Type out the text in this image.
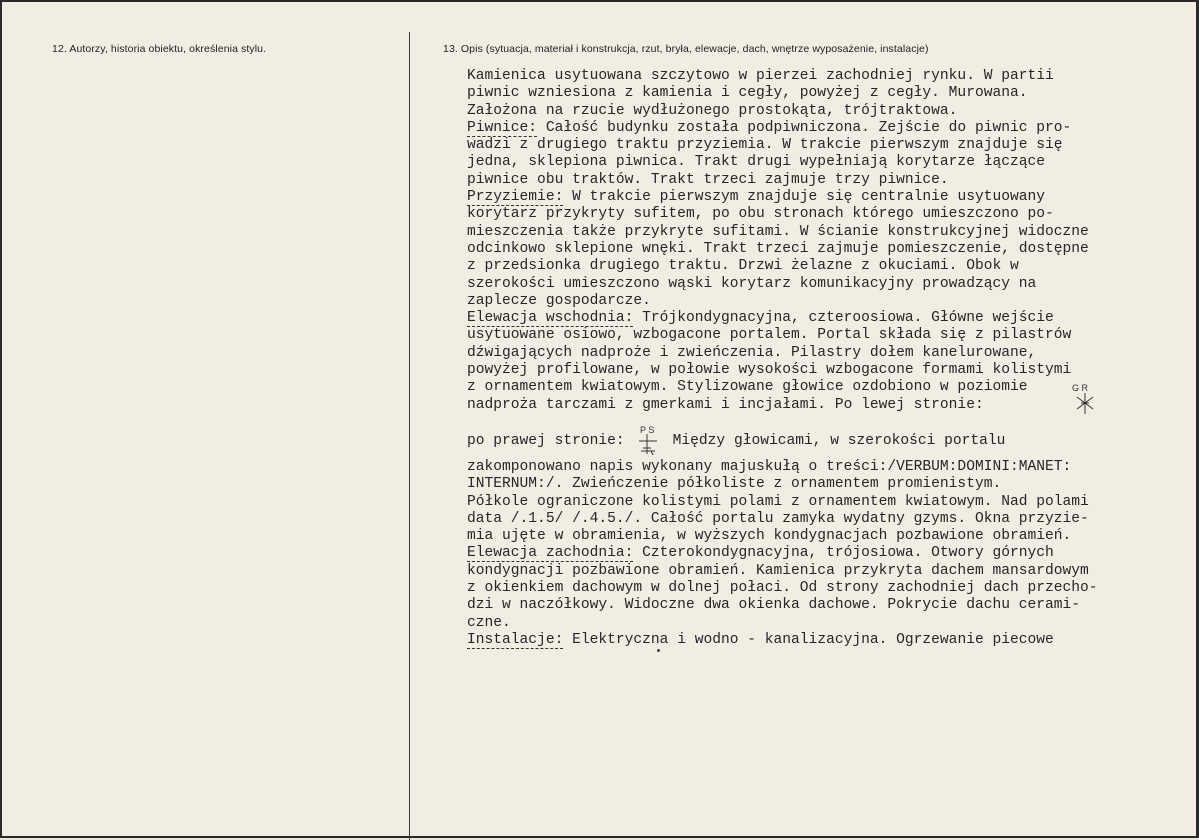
12. Autorzy, historia obiektu, określenia stylu.	13. Opis (sytuacja, materiał i konstrukcja, rzut, bryła, elewacje, dach, wnętrze wyposażenie, instalacje)
Kamienica usytuowana szczytowo w pierzei zachodniej rynku. W partii
piwnic wzniesiona z kamienia i cegły, powyżej z cegły. Murowana.
Założona na rzucie wydłużonego prostokąta, trójtraktowa.
Piwnice: Całość budynku została podpiwniczona. Zejście do piwnic pro-
wadzi z drugiego traktu przyziemia. W trakcie pierwszym znajduje się
jedna, sklepiona piwnica. Trakt drugi wypełniają korytarze łączące
piwnice obu traktów. Trakt trzeci zajmuje trzy piwnice.
Przyziemie: W trakcie pierwszym znajduje się centralnie usytuowany
korytarz przykryty sufitem, po obu stronach którego umieszczono po-
mieszczenia także przykryte sufitami. W ścianie konstrukcyjnej widoczne
odcinkowo sklepione wnęki. Trakt trzeci zajmuje pomieszczenie, dostępne
z przedsionka drugiego traktu. Drzwi żelazne z okuciami. Obok w
szerokości umieszczono wąski korytarz komunikacyjny prowadzący na
zaplecze gospodarcze.
Elewacja wschodnia: Trójkondygnacyjna, czteroosiowa. Główne wejście
usytuowane osiowo, wzbogacone portalem. Portal składa się z pilastrów
dźwigających nadproże i zwieńczenia. Pilastry dołem kanelurowane,
powyżej profilowane, w połowie wysokości wzbogacone formami kolistymi
z ornamentem kwiatowym. Stylizowane głowice ozdobiono w poziomie
nadproża tarczami z gmerkami i incjałami. Po lewej stronie:
po prawej stronie:
P S
Między głowicami, w szerokości portalu
zakomponowano napis wykonany majuskułą o treści:/VERBUM:DOMINI:MANET:
INTERNUM:/. Zwieńczenie półkoliste z ornamentem promienistym.
Półkole ograniczone kolistymi polami z ornamentem kwiatowym. Nad polami
data /.1.5/ /.4.5./. Całość portalu zamyka wydatny gzyms. Okna przyzie-
mia ujęte w obramienia, w wyższych kondygnacjach pozbawione obramień.
Elewacja zachodnia: Czterokondygnacyjna, trójosiowa. Otwory górnych
kondygnacji pozbawione obramień. Kamienica przykryta dachem mansardowym
z okienkiem dachowym w dolnej połaci. Od strony zachodniej dach przecho-
dzi w naczółkowy. Widoczne dwa okienka dachowe. Pokrycie dachu cerami-
czne.
Instalacje: Elektryczna i wodno - kanalizacyjna. Ogrzewanie piecowe
G R
